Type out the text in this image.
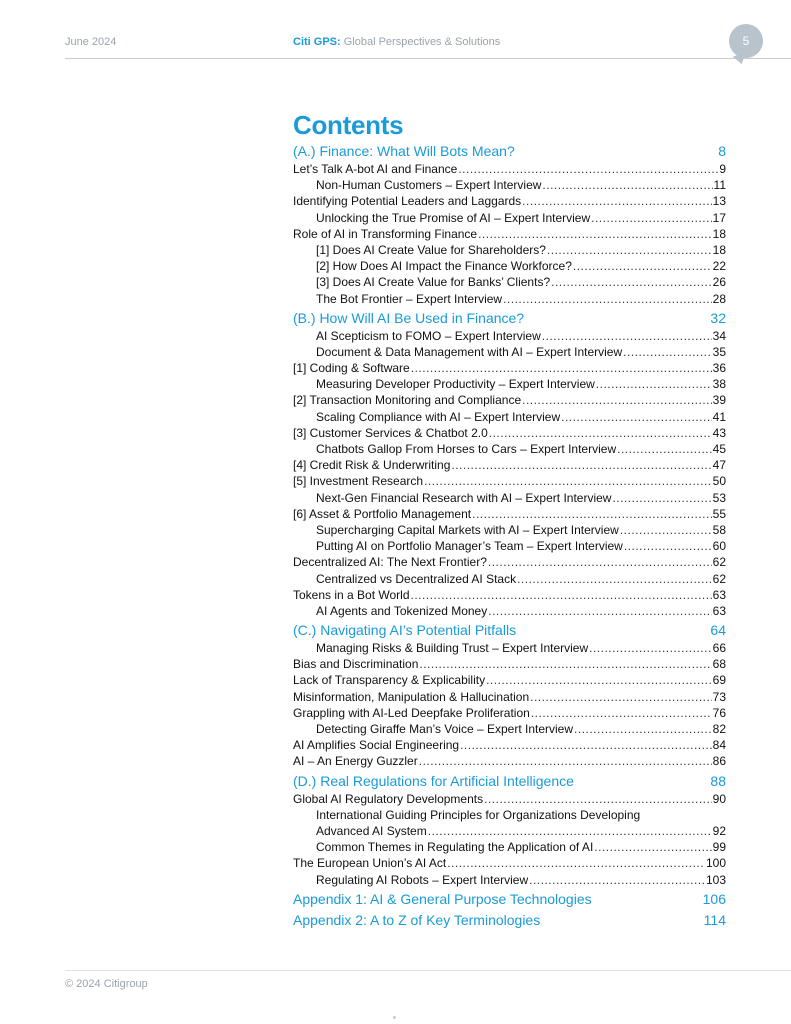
June 2024	Citi GPS: Global Perspectives & Solutions	5
Contents
(A.) Finance: What Will Bots Mean?	8
Let’s Talk A-bot AI and Finance .....	9
Non-Human Customers – Expert Interview .....	11
Identifying Potential Leaders and Laggards .....	13
Unlocking the True Promise of AI – Expert Interview .....	17
Role of AI in Transforming Finance .....	18
[1] Does AI Create Value for Shareholders? .....	18
[2] How Does AI Impact the Finance Workforce? .....	22
[3] Does AI Create Value for Banks’ Clients? .....	26
The Bot Frontier – Expert Interview .....	28
(B.) How Will AI Be Used in Finance?	32
AI Scepticism to FOMO – Expert Interview .....	34
Document & Data Management with AI – Expert Interview .....	35
[1] Coding & Software .....	36
Measuring Developer Productivity – Expert Interview .....	38
[2] Transaction Monitoring and Compliance .....	39
Scaling Compliance with AI – Expert Interview .....	41
[3] Customer Services & Chatbot 2.0 .....	43
Chatbots Gallop From Horses to Cars – Expert Interview .....	45
[4] Credit Risk & Underwriting .....	47
[5] Investment Research .....	50
Next-Gen Financial Research with AI – Expert Interview .....	53
[6] Asset & Portfolio Management .....	55
Supercharging Capital Markets with AI – Expert Interview .....	58
Putting AI on Portfolio Manager’s Team – Expert Interview .....	60
Decentralized AI: The Next Frontier? .....	62
Centralized vs Decentralized AI Stack .....	62
Tokens in a Bot World .....	63
AI Agents and Tokenized Money .....	63
(C.) Navigating AI’s Potential Pitfalls	64
Managing Risks & Building Trust – Expert Interview .....	66
Bias and Discrimination .....	68
Lack of Transparency & Explicability .....	69
Misinformation, Manipulation & Hallucination .....	73
Grappling with AI-Led Deepfake Proliferation .....	76
Detecting Giraffe Man’s Voice – Expert Interview .....	82
AI Amplifies Social Engineering .....	84
AI – An Energy Guzzler .....	86
(D.) Real Regulations for Artificial Intelligence	88
Global AI Regulatory Developments .....	90
International Guiding Principles for Organizations Developing
Advanced AI System .....	92
Common Themes in Regulating the Application of AI .....	99
The European Union’s AI Act .....	100
Regulating AI Robots – Expert Interview .....	103
Appendix 1: AI & General Purpose Technologies	106
Appendix 2: A to Z of Key Terminologies	114
© 2024 Citigroup
